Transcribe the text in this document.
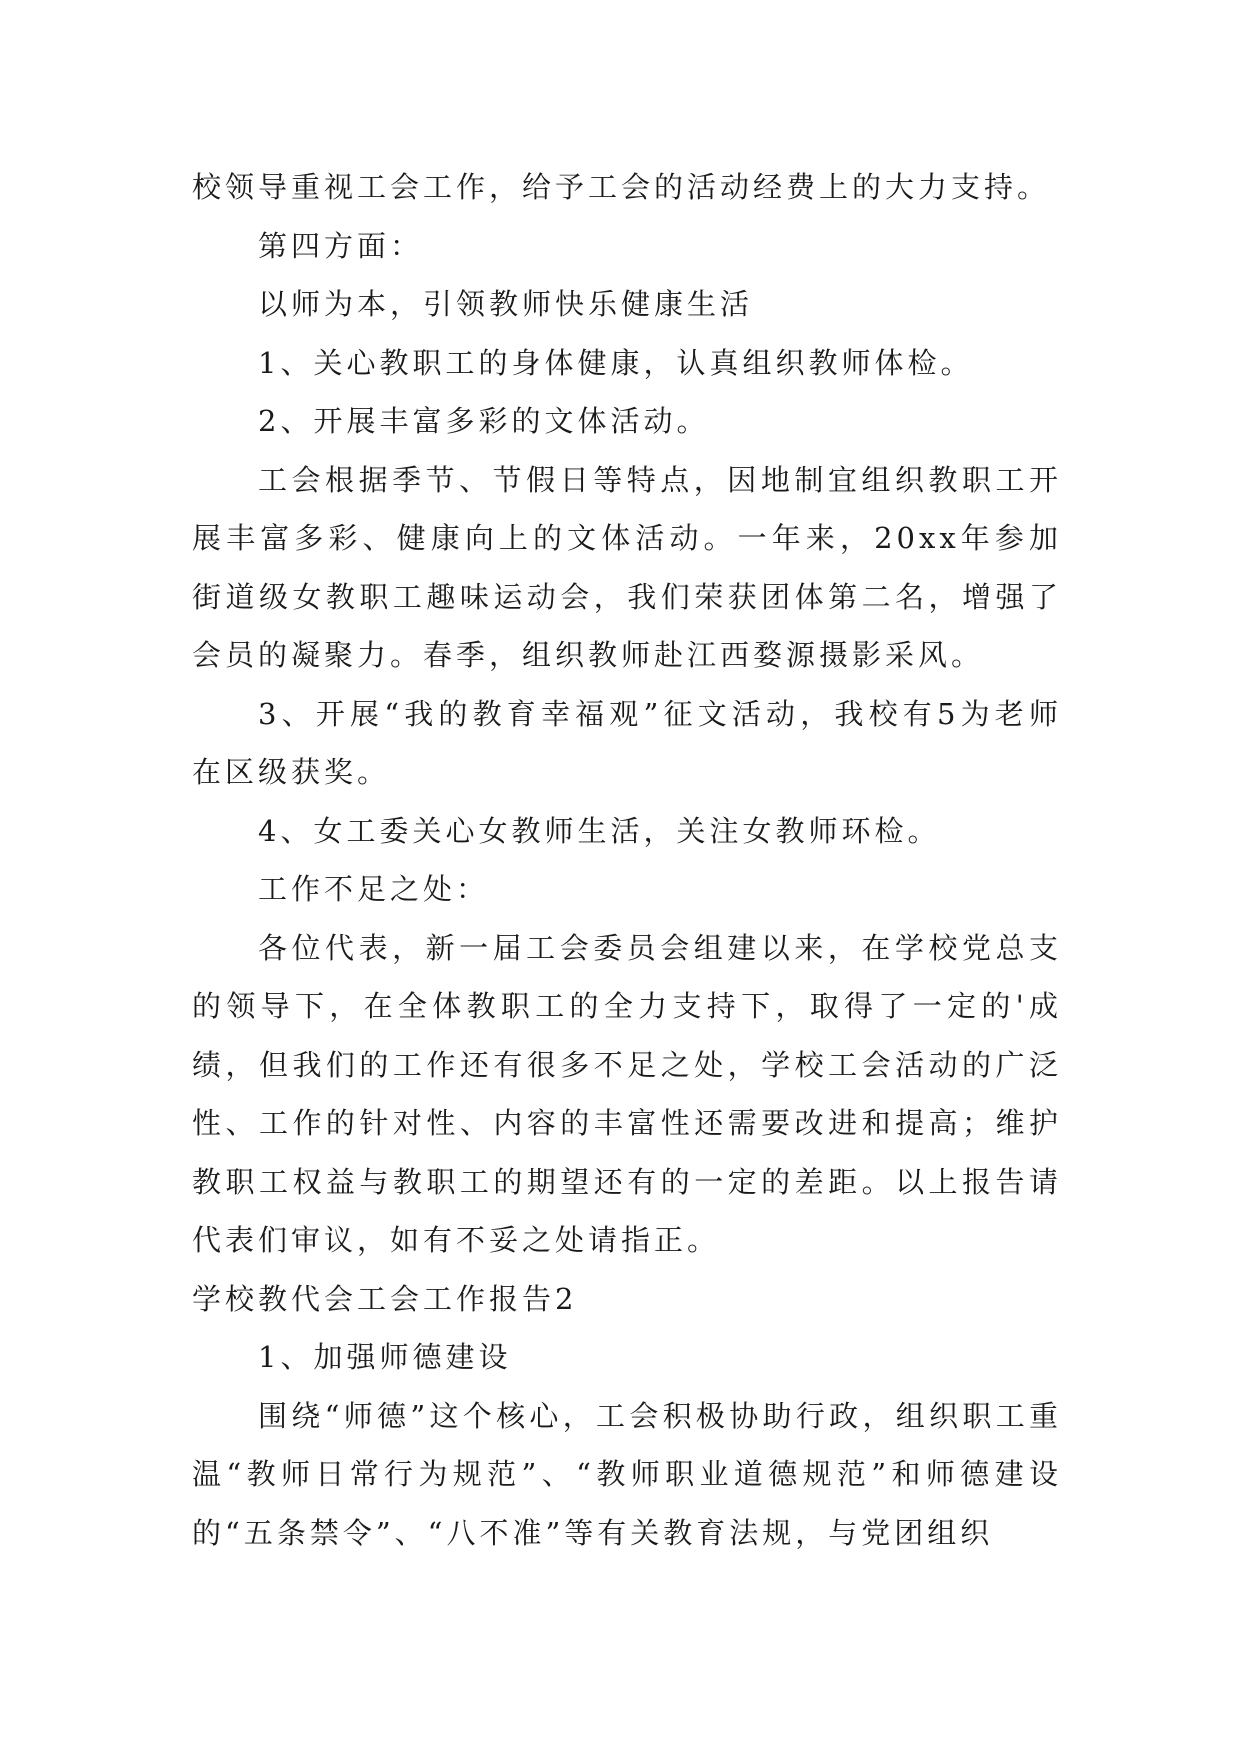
校领导重视工会工作，给予工会的活动经费上的大力支持。

第四方面：

以师为本，引领教师快乐健康生活

1、关心教职工的身体健康，认真组织教师体检。

2、开展丰富多彩的文体活动。

工会根据季节、节假日等特点，因地制宜组织教职工开展丰富多彩、健康向上的文体活动。一年来，20xx年参加街道级女教职工趣味运动会，我们荣获团体第二名，增强了会员的凝聚力。春季，组织教师赴江西婺源摄影采风。

3、开展“我的教育幸福观”征文活动，我校有5为老师在区级获奖。

4、女工委关心女教师生活，关注女教师环检。

工作不足之处：

各位代表，新一届工会委员会组建以来，在学校党总支的领导下，在全体教职工的全力支持下，取得了一定的'成绩，但我们的工作还有很多不足之处，学校工会活动的广泛性、工作的针对性、内容的丰富性还需要改进和提高；维护教职工权益与教职工的期望还有的一定的差距。以上报告请代表们审议，如有不妥之处请指正。

学校教代会工会工作报告2

1、加强师德建设

围绕“师德”这个核心，工会积极协助行政，组织职工重温“教师日常行为规范”、“教师职业道德规范”和师德建设的“五条禁令”、“八不准”等有关教育法规，与党团组织
